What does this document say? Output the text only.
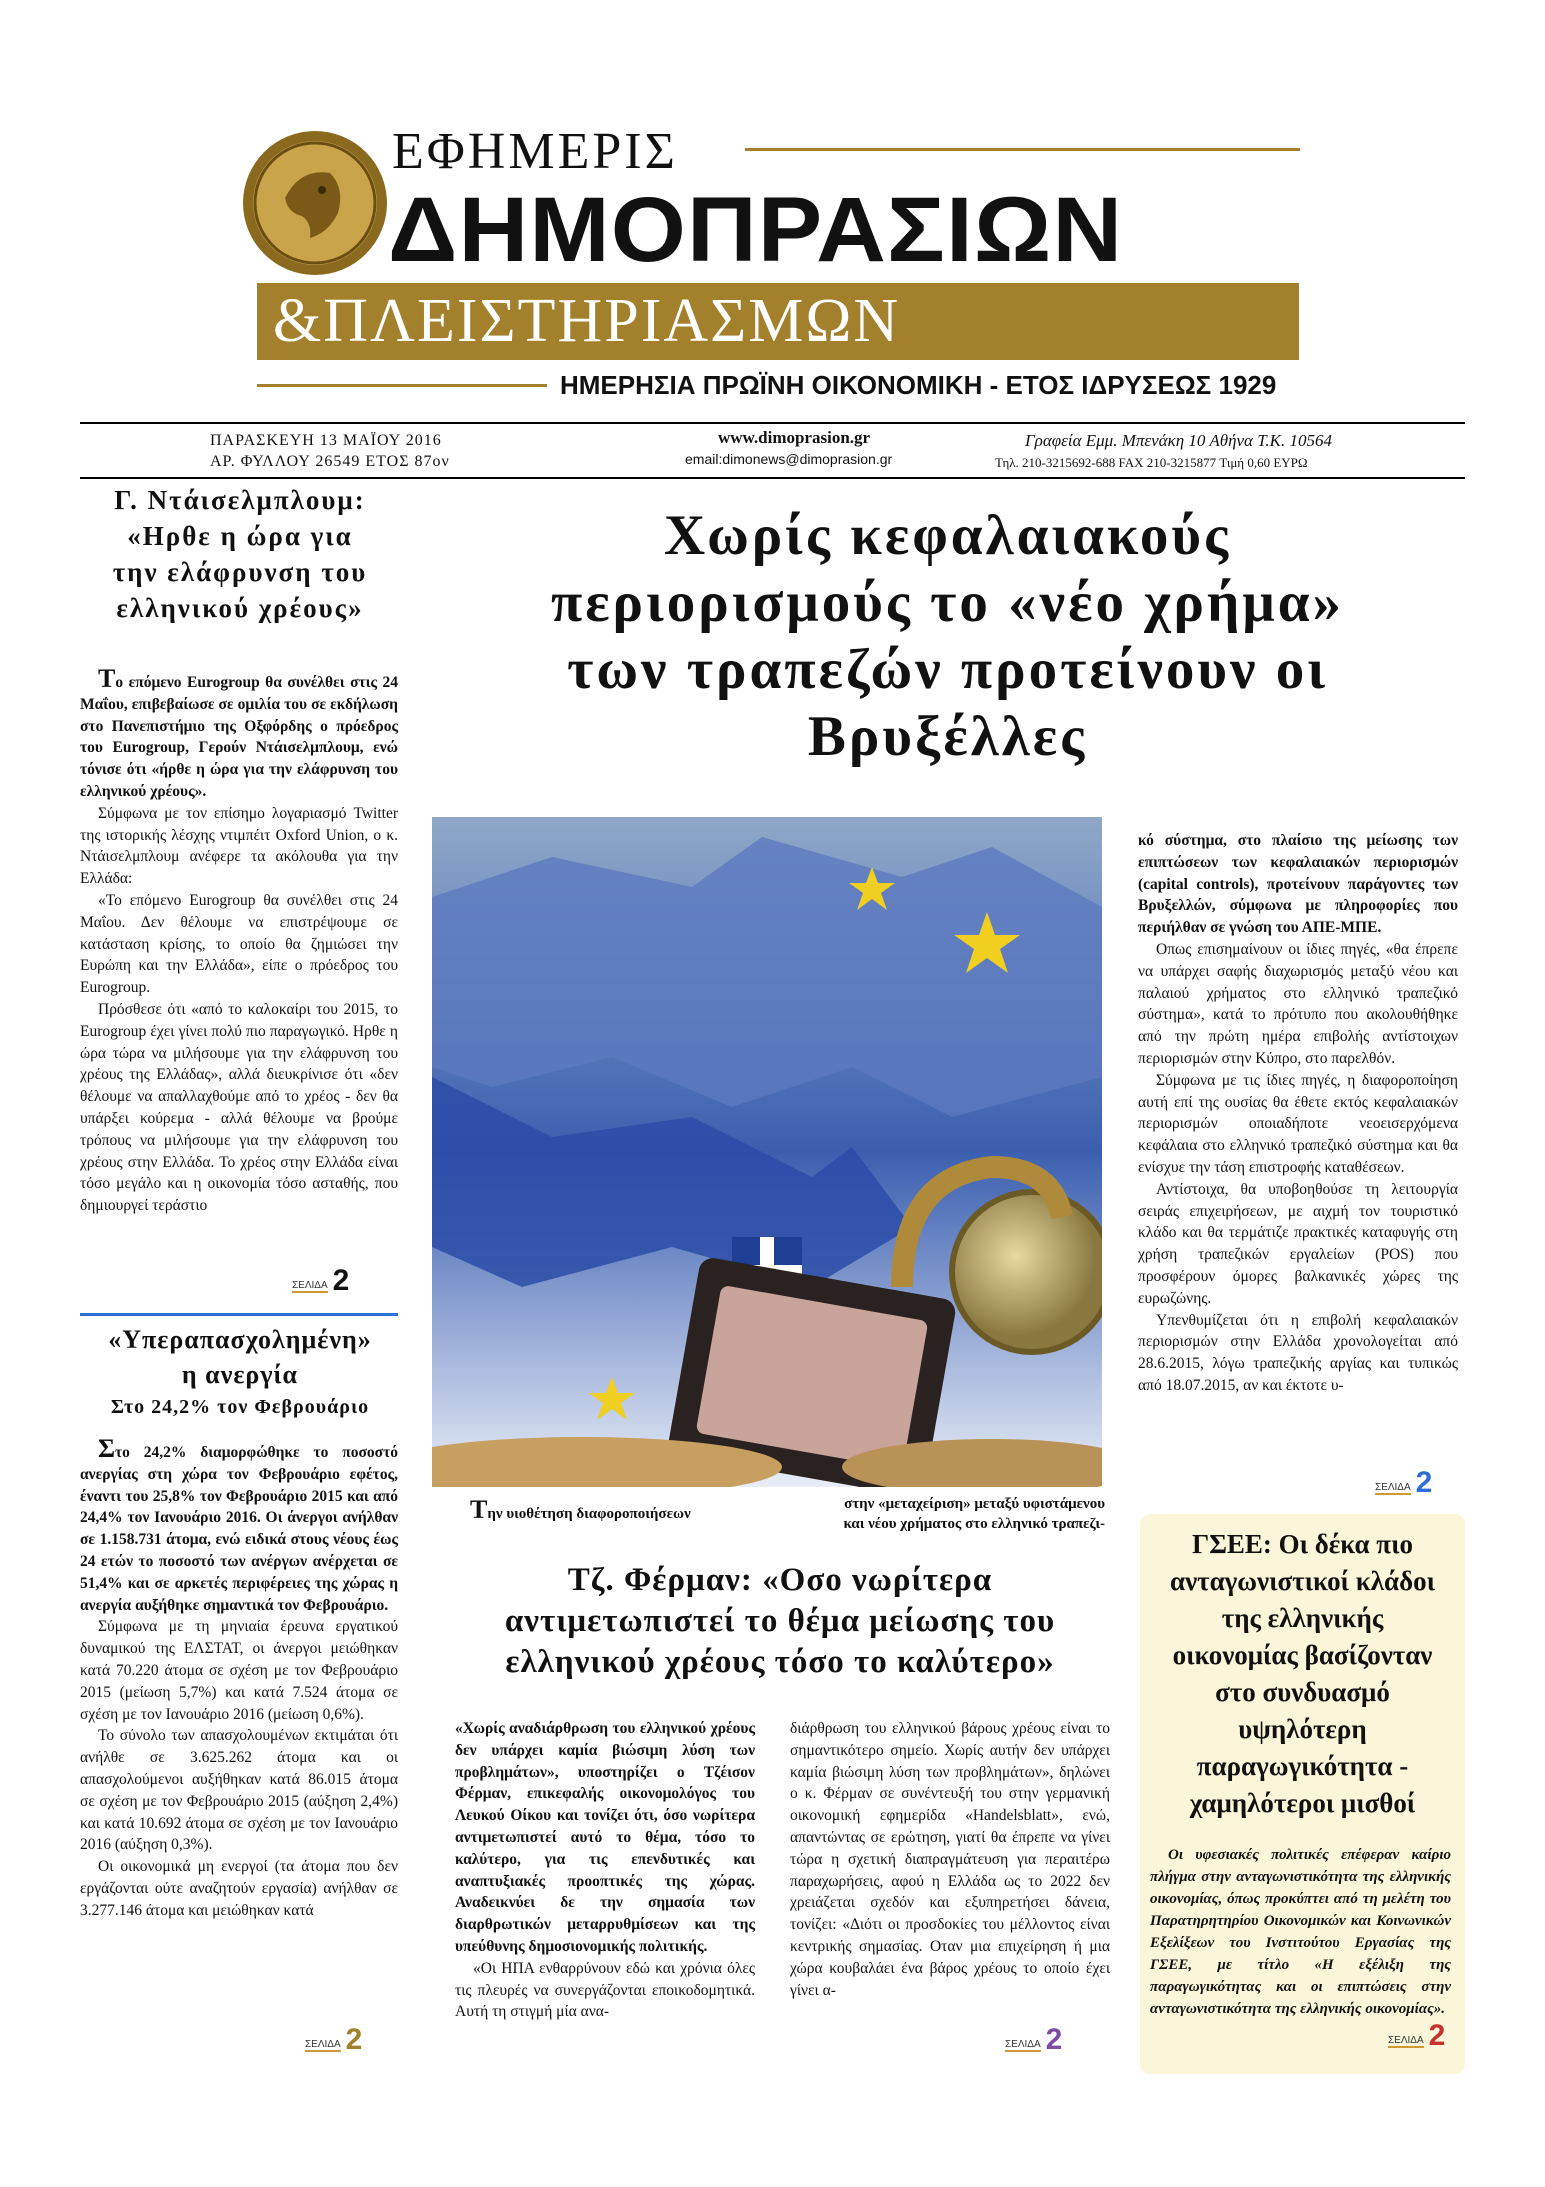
ΕΦΗΜΕΡΙΣ
ΔΗΜΟΠΡΑΣΙΩΝ
&ΠΛΕΙΣΤΗΡΙΑΣΜΩΝ
ΗΜΕΡΗΣΙΑ ΠΡΩΪΝΗ ΟΙΚΟΝΟΜΙΚΗ - ΕΤΟΣ ΙΔΡΥΣΕΩΣ 1929
ΠΑΡΑΣΚΕΥΗ 13 ΜΑΪΟΥ 2016
ΑΡ. ΦΥΛΛΟΥ 26549 ΕΤΟΣ 87ον
www.dimoprasion.gr
email:dimonews@dimoprasion.gr
Γραφεία Εμμ. Μπενάκη 10 Αθήνα Τ.Κ. 10564
Τηλ. 210-3215692-688 FAX 210-3215877 Τιμή 0,60 ΕΥΡΩ
Γ. Ντάισελμπλουμ:
«Ηρθε η ώρα για
την ελάφρυνση του
ελληνικού χρέους»

Το επόμενο Eurogroup θα συνέλθει στις 24 Μαΐου, επιβεβαίωσε σε ομιλία του σε εκδήλωση στο Πανεπιστήμιο της Οξφόρδης ο πρόεδρος του Eurogroup, Γερούν Ντάισελμπλουμ, ενώ τόνισε ότι «ήρθε η ώρα για την ελάφρυνση του ελληνικού χρέους».

Σύμφωνα με τον επίσημο λογαριασμό Twitter της ιστορικής λέσχης ντιμπέιτ Oxford Union, ο κ. Ντάισελμπλουμ ανέφερε τα ακόλουθα για την Ελλάδα:

«Το επόμενο Eurogroup θα συνέλθει στις 24 Μαΐου. Δεν θέλουμε να επιστρέψουμε σε κατάσταση κρίσης, το οποίο θα ζημιώσει την Ευρώπη και την Ελλάδα», είπε ο πρόεδρος του Eurogroup.

Πρόσθεσε ότι «από το καλοκαίρι του 2015, το Eurogroup έχει γίνει πολύ πιο παραγωγικό. Ηρθε η ώρα τώρα να μιλήσουμε για την ελάφρυνση του χρέους της Ελλάδας», αλλά διευκρίνισε ότι «δεν θέλουμε να απαλλαχθούμε από το χρέος - δεν θα υπάρξει κούρεμα - αλλά θέλουμε να βρούμε τρόπους να μιλήσουμε για την ελάφρυνση του χρέους στην Ελλάδα. Το χρέος στην Ελλάδα είναι τόσο μεγάλο και η οικονομία τόσο ασταθής, που δημιουργεί τεράστιο

ΣΕΛΙΔΑ 2
«Υπεραπασχολημένη»
η ανεργία
Στο 24,2% τον Φεβρουάριο

Στο 24,2% διαμορφώθηκε το ποσοστό ανεργίας στη χώρα τον Φεβρουάριο εφέτος, έναντι του 25,8% τον Φεβρουάριο 2015 και από 24,4% τον Ιανουάριο 2016. Οι άνεργοι ανήλθαν σε 1.158.731 άτομα, ενώ ειδικά στους νέους έως 24 ετών το ποσοστό των ανέργων ανέρχεται σε 51,4% και σε αρκετές περιφέρειες της χώρας η ανεργία αυξήθηκε σημαντικά τον Φεβρουάριο.

Σύμφωνα με τη μηνιαία έρευνα εργατικού δυναμικού της ΕΛΣΤΑΤ, οι άνεργοι μειώθηκαν κατά 70.220 άτομα σε σχέση με τον Φεβρουάριο 2015 (μείωση 5,7%) και κατά 7.524 άτομα σε σχέση με τον Ιανουάριο 2016 (μείωση 0,6%).

Το σύνολο των απασχολουμένων εκτιμάται ότι ανήλθε σε 3.625.262 άτομα και οι απασχολούμενοι αυξήθηκαν κατά 86.015 άτομα σε σχέση με τον Φεβρουάριο 2015 (αύξηση 2,4%) και κατά 10.692 άτομα σε σχέση με τον Ιανουάριο 2016 (αύξηση 0,3%).

Οι οικονομικά μη ενεργοί (τα άτομα που δεν εργάζονται ούτε αναζητούν εργασία) ανήλθαν σε 3.277.146 άτομα και μειώθηκαν κατά

ΣΕΛΙΔΑ 2
Χωρίς κεφαλαιακούς
περιορισμούς το «νέο χρήμα»
των τραπεζών προτείνουν οι
Βρυξέλλες
Την υιοθέτηση διαφοροποιήσεων
στην «μεταχείριση» μεταξύ υφιστάμενου
και νέου χρήματος στο ελληνικό τραπεζι-

κό σύστημα, στο πλαίσιο της μείωσης των επιπτώσεων των κεφαλαιακών περιορισμών (capital controls), προτείνουν παράγοντες των Βρυξελλών, σύμφωνα με πληροφορίες που περιήλθαν σε γνώση του ΑΠΕ-ΜΠΕ.

Οπως επισημαίνουν οι ίδιες πηγές, «θα έπρεπε να υπάρχει σαφής διαχωρισμός μεταξύ νέου και παλαιού χρήματος στο ελληνικό τραπεζικό σύστημα», κατά το πρότυπο που ακολουθήθηκε από την πρώτη ημέρα επιβολής αντίστοιχων περιορισμών στην Κύπρο, στο παρελθόν.

Σύμφωνα με τις ίδιες πηγές, η διαφοροποίηση αυτή επί της ουσίας θα έθετε εκτός κεφαλαιακών περιορισμών οποιαδήποτε νεοεισερχόμενα κεφάλαια στο ελληνικό τραπεζικό σύστημα και θα ενίσχυε την τάση επιστροφής καταθέσεων.

Αντίστοιχα, θα υποβοηθούσε τη λειτουργία σειράς επιχειρήσεων, με αιχμή τον τουριστικό κλάδο και θα τερμάτιζε πρακτικές καταφυγής στη χρήση τραπεζικών εργαλείων (POS) που προσφέρουν όμορες βαλκανικές χώρες της ευρωζώνης.

Υπενθυμίζεται ότι η επιβολή κεφαλαιακών περιορισμών στην Ελλάδα χρονολογείται από 28.6.2015, λόγω τραπεζικής αργίας και τυπικώς από 18.07.2015, αν και έκτοτε υ-

ΣΕΛΙΔΑ 2
Τζ. Φέρμαν: «Οσο νωρίτερα
αντιμετωπιστεί το θέμα μείωσης του
ελληνικού χρέους τόσο το καλύτερο»

«Χωρίς αναδιάρθρωση του ελληνικού χρέους δεν υπάρχει καμία βιώσιμη λύση των προβλημάτων», υποστηρίζει ο Τζέισον Φέρμαν, επικεφαλής οικονομολόγος του Λευκού Οίκου και τονίζει ότι, όσο νωρίτερα αντιμετωπιστεί αυτό το θέμα, τόσο το καλύτερο, για τις επενδυτικές και αναπτυξιακές προοπτικές της χώρας. Αναδεικνύει δε την σημασία των διαρθρωτικών μεταρρυθμίσεων και της υπεύθυνης δημοσιονομικής πολιτικής.

«Οι ΗΠΑ ενθαρρύνουν εδώ και χρόνια όλες τις πλευρές να συνεργάζονται εποικοδομητικά. Αυτή τη στιγμή μία ανα-

διάρθρωση του ελληνικού βάρους χρέους είναι το σημαντικότερο σημείο. Χωρίς αυτήν δεν υπάρχει καμία βιώσιμη λύση των προβλημάτων», δηλώνει ο κ. Φέρμαν σε συνέντευξή του στην γερμανική οικονομική εφημερίδα «Handelsblatt», ενώ, απαντώντας σε ερώτηση, γιατί θα έπρεπε να γίνει τώρα η σχετική διαπραγμάτευση για περαιτέρω παραχωρήσεις, αφού η Ελλάδα ως το 2022 δεν χρειάζεται σχεδόν και εξυπηρετήσει δάνεια, τονίζει: «Διότι οι προσδοκίες του μέλλοντος είναι κεντρικής σημασίας. Οταν μια επιχείρηση ή μια χώρα κουβαλάει ένα βάρος χρέους το οποίο έχει γίνει α-

ΣΕΛΙΔΑ 2
ΓΣΕΕ: Οι δέκα πιο
ανταγωνιστικοί κλάδοι
της ελληνικής
οικονομίας βασίζονταν
στο συνδυασμό
υψηλότερη
παραγωγικότητα -
χαμηλότεροι μισθοί
Οι υφεσιακές πολιτικές επέφεραν καίριο πλήγμα στην ανταγωνιστικότητα της ελληνικής οικονομίας, όπως προκύπτει από τη μελέτη του Παρατηρητηρίου Οικονομικών και Κοινωνικών Εξελίξεων του Ινστιτούτου Εργασίας της ΓΣΕΕ, με τίτλο «Η εξέλιξη της παραγωγικότητας και οι επιπτώσεις στην ανταγωνιστικότητα της ελληνικής οικονομίας».
ΣΕΛΙΔΑ 2
